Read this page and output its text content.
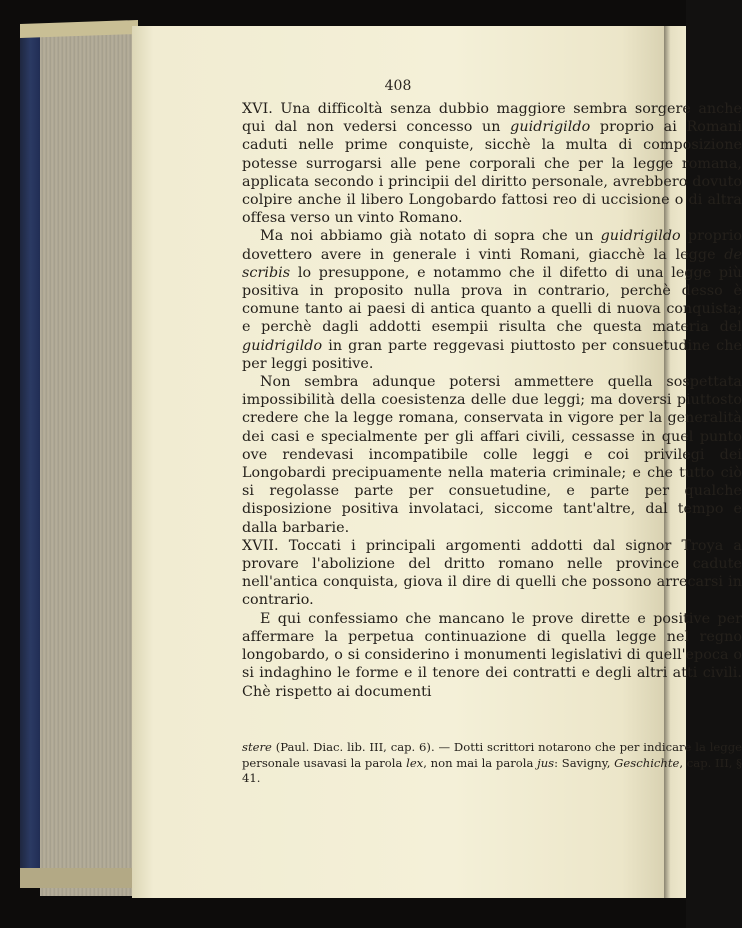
408

XVI. Una difficoltà senza dubbio maggiore sembra sorgere anche qui dal non vedersi concesso un guidrigildo proprio ai Romani caduti nelle prime conquiste, sicchè la multa di composizione potesse surrogarsi alle pene corporali che per la legge romana, applicata secondo i principii del diritto personale, avrebbero dovuto colpire anche il libero Longobardo fattosi reo di uccisione o di altra offesa verso un vinto Romano.

Ma noi abbiamo già notato di sopra che un guidrigildo proprio dovettero avere in generale i vinti Romani, giacchè la legge de scribis lo presuppone, e notammo che il difetto di una legge più positiva in proposito nulla prova in contrario, perchè desso è comune tanto ai paesi di antica quanto a quelli di nuova conquista; e perchè dagli addotti esempii risulta che questa materia del guidrigildo in gran parte reggevasi piuttosto per consuetudine che per leggi positive.

Non sembra adunque potersi ammettere quella sospettata impossibilità della coesistenza delle due leggi; ma doversi piuttosto credere che la legge romana, conservata in vigore per la generalità dei casi e specialmente per gli affari civili, cessasse in quel punto ove rendevasi incompatibile colle leggi e coi privilegi dei Longobardi precipuamente nella materia criminale; e che tutto ciò si regolasse parte per consuetudine, e parte per qualche disposizione positiva involataci, siccome tant'altre, dal tempo e dalla barbarie.

XVII. Toccati i principali argomenti addotti dal signor Troya a provare l'abolizione del dritto romano nelle province cadute nell'antica conquista, giova il dire di quelli che possono arrecarsi in contrario.

E qui confessiamo che mancano le prove dirette e positive per affermare la perpetua continuazione di quella legge nel regno longobardo, o si considerino i monumenti legislativi di quell'epoca o si indaghino le forme e il tenore dei contratti e degli altri atti civili. Chè rispetto ai documenti

stere (Paul. Diac. lib. III, cap. 6). — Dotti scrittori notarono che per indicare la legge personale usavasi la parola lex, non mai la parola jus: Savigny, Geschichte, cap. III, § 41.
